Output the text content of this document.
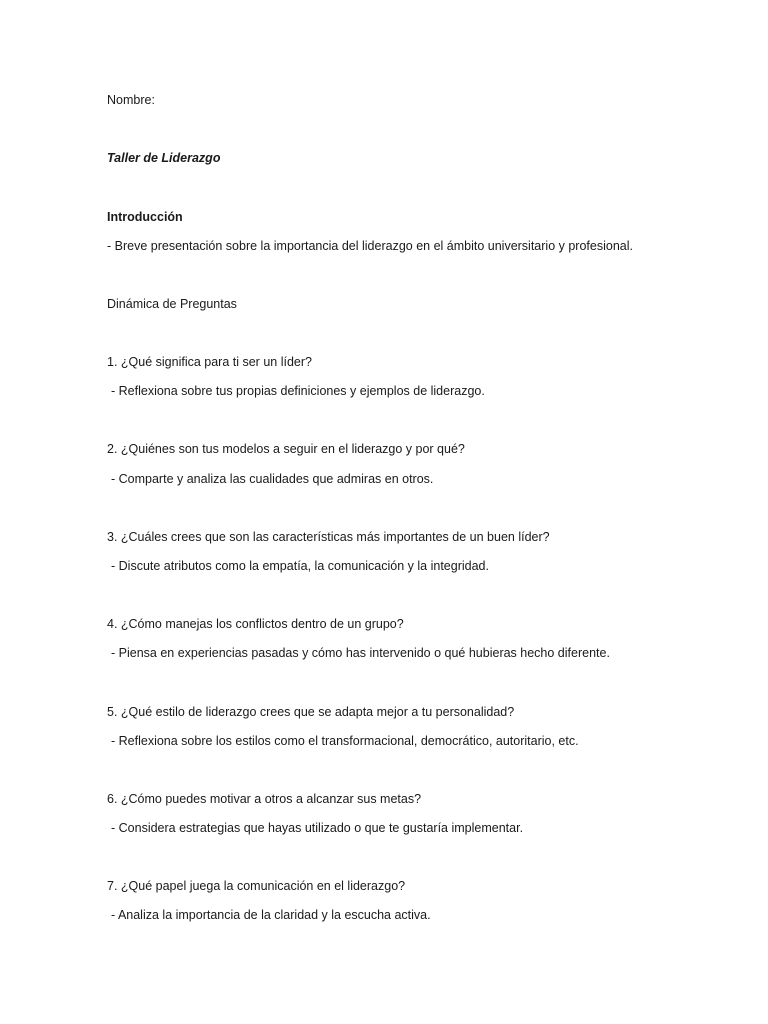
Nombre:
Taller de Liderazgo
Introducción
- Breve presentación sobre la importancia del liderazgo en el ámbito universitario y profesional.
Dinámica de Preguntas
1. ¿Qué significa para ti ser un líder?
- Reflexiona sobre tus propias definiciones y ejemplos de liderazgo.
2. ¿Quiénes son tus modelos a seguir en el liderazgo y por qué?
- Comparte y analiza las cualidades que admiras en otros.
3. ¿Cuáles crees que son las características más importantes de un buen líder?
- Discute atributos como la empatía, la comunicación y la integridad.
4. ¿Cómo manejas los conflictos dentro de un grupo?
- Piensa en experiencias pasadas y cómo has intervenido o qué hubieras hecho diferente.
5. ¿Qué estilo de liderazgo crees que se adapta mejor a tu personalidad?
- Reflexiona sobre los estilos como el transformacional, democrático, autoritario, etc.
6. ¿Cómo puedes motivar a otros a alcanzar sus metas?
- Considera estrategias que hayas utilizado o que te gustaría implementar.
7. ¿Qué papel juega la comunicación en el liderazgo?
- Analiza la importancia de la claridad y la escucha activa.
